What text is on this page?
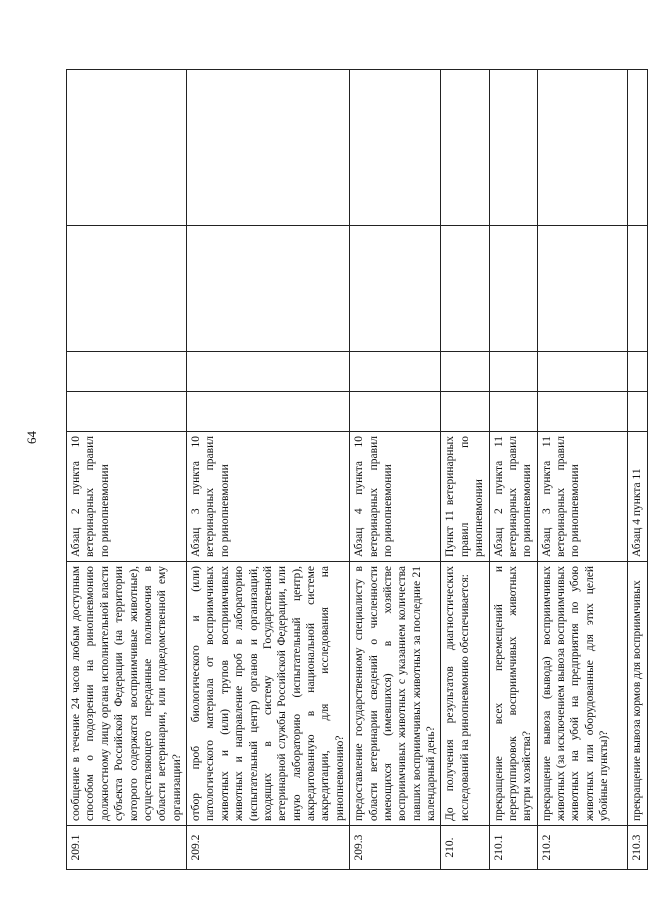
64
209.1	сообщение в течение 24 часов любым доступным способом о подозрении на ринопневмонию должностному лицу органа исполнительной власти субъекта Российской Федерации (на территории которого содержатся восприимчивые животные), осуществляющего переданные полномочия в области ветеринарии, или подведомственной ему организации?	Абзац 2 пункта 10 ветеринарных правил по ринопневмонии				
209.2	отбор проб биологического и (или) патологического материала от восприимчивых животных и (или) трупов восприимчивых животных и направление проб в лабораторию (испытательный центр) органов и организаций, входящих в систему Государственной ветеринарной службы Российской Федерации, или иную лабораторию (испытательный центр), аккредитованную в национальной системе аккредитации, для исследования на ринопневмонию?	Абзац 3 пункта 10 ветеринарных правил по ринопневмонии				
209.3	предоставление государственному специалисту в области ветеринарии сведений о численности имеющихся (имевшихся) в хозяйстве восприимчивых животных с указанием количества павших восприимчивых животных за последние 21 календарный день?	Абзац 4 пункта 10 ветеринарных правил по ринопневмонии				
210.	До получения результатов диагностических исследований на ринопневмонию обеспечивается:	Пункт 11 ветеринарных правил по ринопневмонии				
210.1	прекращение всех перемещений и перегруппировок восприимчивых животных внутри хозяйства?	Абзац 2 пункта 11 ветеринарных правил по ринопневмонии				
210.2	прекращение вывоза (вывода) восприимчивых животных (за исключением вывоза восприимчивых животных на убой на предприятия по убою животных или оборудованные для этих целей убойные пункты)?	Абзац 3 пункта 11 ветеринарных правил по ринопневмонии				
210.3	прекращение вывоза кормов для восприимчивых	Абзац 4 пункта 11				
